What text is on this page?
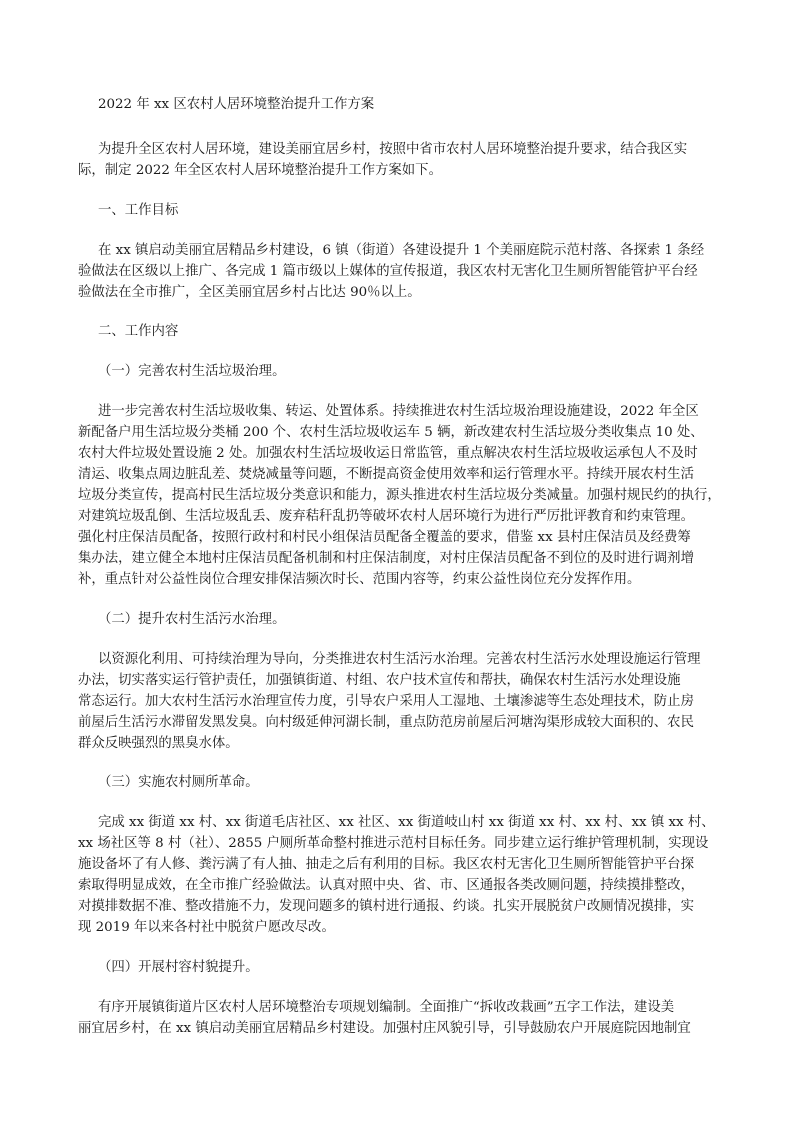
2022 年 xx 区农村人居环境整治提升工作方案
为提升全区农村人居环境，建设美丽宜居乡村，按照中省市农村人居环境整治提升要求，结合我区实
际，制定 2022 年全区农村人居环境整治提升工作方案如下。
一、工作目标
在 xx 镇启动美丽宜居精品乡村建设，6 镇（街道）各建设提升 1 个美丽庭院示范村落、各探索 1 条经
验做法在区级以上推广、各完成 1 篇市级以上媒体的宣传报道，我区农村无害化卫生厕所智能管护平台经
验做法在全市推广，全区美丽宜居乡村占比达 90％以上。
二、工作内容
（一）完善农村生活垃圾治理。
进一步完善农村生活垃圾收集、转运、处置体系。持续推进农村生活垃圾治理设施建设，2022 年全区
新配备户用生活垃圾分类桶 200 个、农村生活垃圾收运车 5 辆，新改建农村生活垃圾分类收集点 10 处、
农村大件垃圾处置设施 2 处。加强农村生活垃圾收运日常监管，重点解决农村生活垃圾收运承包人不及时
清运、收集点周边脏乱差、焚烧减量等问题，不断提高资金使用效率和运行管理水平。持续开展农村生活
垃圾分类宣传，提高村民生活垃圾分类意识和能力，源头推进农村生活垃圾分类减量。加强村规民约的执行，
对建筑垃圾乱倒、生活垃圾乱丢、废弃秸秆乱扔等破坏农村人居环境行为进行严厉批评教育和约束管理。
强化村庄保洁员配备，按照行政村和村民小组保洁员配备全覆盖的要求，借鉴 xx 县村庄保洁员及经费筹
集办法，建立健全本地村庄保洁员配备机制和村庄保洁制度，对村庄保洁员配备不到位的及时进行调剂增
补，重点针对公益性岗位合理安排保洁频次时长、范围内容等，约束公益性岗位充分发挥作用。
（二）提升农村生活污水治理。
以资源化利用、可持续治理为导向，分类推进农村生活污水治理。完善农村生活污水处理设施运行管理
办法，切实落实运行管护责任，加强镇街道、村组、农户技术宣传和帮扶，确保农村生活污水处理设施
常态运行。加大农村生活污水治理宣传力度，引导农户采用人工湿地、土壤渗滤等生态处理技术，防止房
前屋后生活污水滞留发黑发臭。向村级延伸河湖长制，重点防范房前屋后河塘沟渠形成较大面积的、农民
群众反映强烈的黑臭水体。
（三）实施农村厕所革命。
完成 xx 街道 xx 村、xx 街道毛店社区、xx 社区、xx 街道岐山村 xx 街道 xx 村、xx 村、xx 镇 xx 村、
xx 场社区等 8 村（社）、2855 户厕所革命整村推进示范村目标任务。同步建立运行维护管理机制，实现设
施设备坏了有人修、粪污满了有人抽、抽走之后有利用的目标。我区农村无害化卫生厕所智能管护平台探
索取得明显成效，在全市推广经验做法。认真对照中央、省、市、区通报各类改厕问题，持续摸排整改，
对摸排数据不准、整改措施不力，发现问题多的镇村进行通报、约谈。扎实开展脱贫户改厕情况摸排，实
现 2019 年以来各村社中脱贫户愿改尽改。
（四）开展村容村貌提升。
有序开展镇街道片区农村人居环境整治专项规划编制。全面推广“拆收改栽画”五字工作法，建设美
丽宜居乡村，在 xx 镇启动美丽宜居精品乡村建设。加强村庄风貌引导，引导鼓励农户开展庭院因地制宜
